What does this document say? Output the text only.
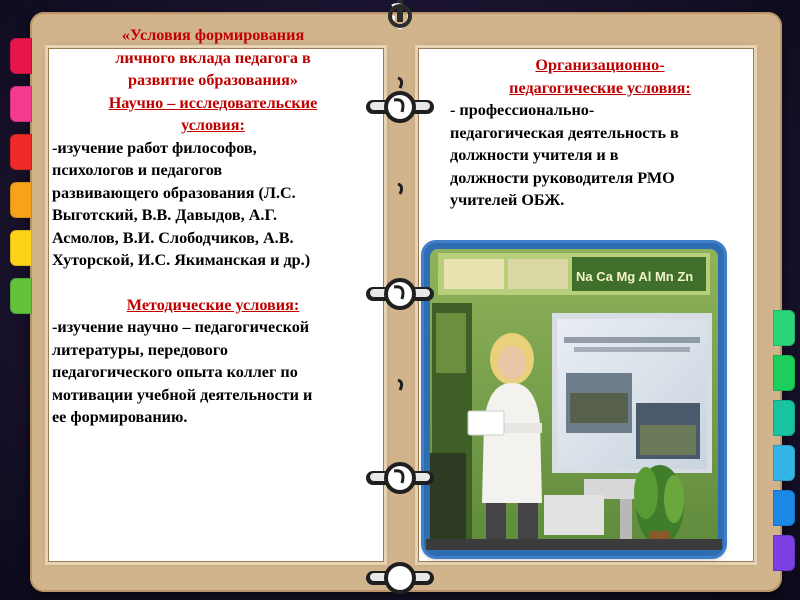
«Условия формирования

личного вклада педагога в

развитие образования»

Научно – исследовательские

условия:

-изучение работ философов,

психологов и педагогов

развивающего образования (Л.С.

Выготский, В.В. Давыдов, А.Г.

Асмолов, В.И. Слободчиков, А.В.

Хуторской, И.С. Якиманская и др.)

Методические условия:

-изучение научно – педагогической

литературы, передового

педагогического опыта коллег по

мотивации учебной деятельности и

ее формированию.

Организационно-

педагогические условия:

- профессионально-

педагогическая деятельность в

должности учителя и в

должности руководителя РМО

учителей ОБЖ.

Na Ca Mg Al Mn Zn
